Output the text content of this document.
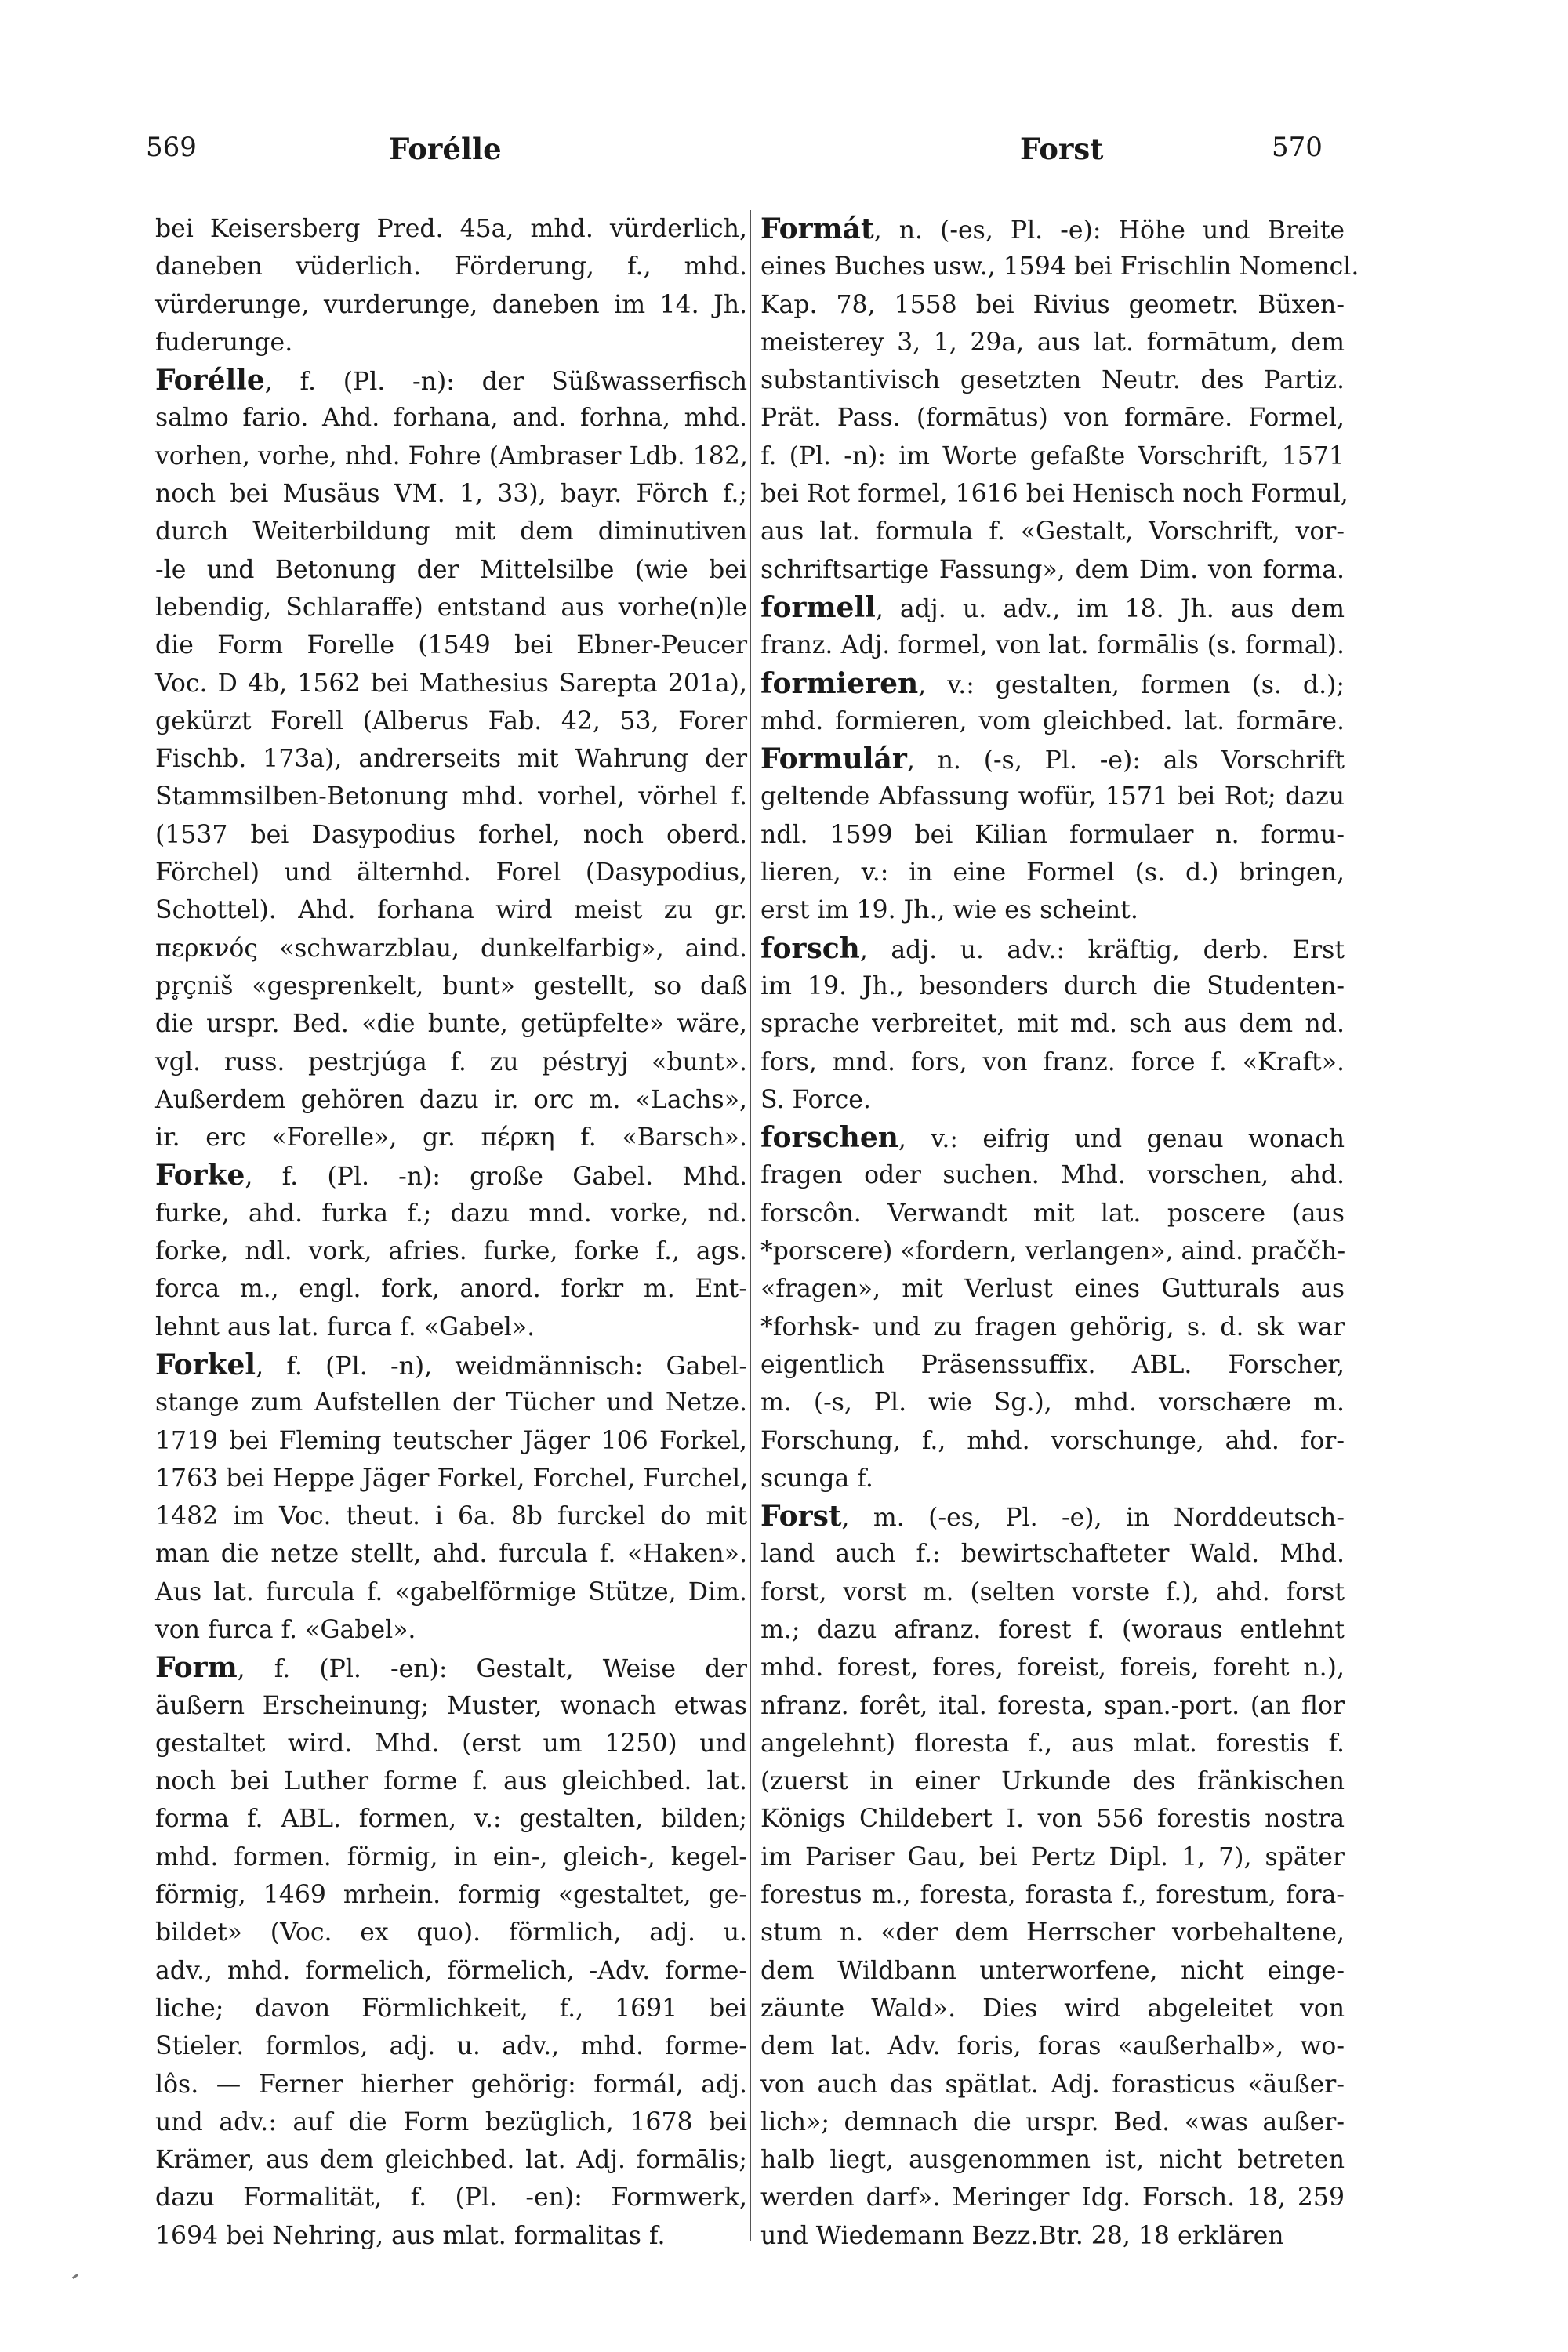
569	Forélle	Forst	570
bei Keisersberg Pred. 45a, mhd. vürderlich,
daneben vüderlich. Förderung, f., mhd.
vürderunge, vurderunge, daneben im 14. Jh.
fuderunge.
Forélle, f. (Pl. -n): der Süßwasserfisch
salmo fario. Ahd. forhana, and. forhna, mhd.
vorhen, vorhe, nhd. Fohre (Ambraser Ldb. 182,
noch bei Musäus VM. 1, 33), bayr. Förch f.;
durch Weiterbildung mit dem diminutiven
-le und Betonung der Mittelsilbe (wie bei
lebendig, Schlaraffe) entstand aus vorhe(n)le
die Form Forelle (1549 bei Ebner-Peucer
Voc. D 4b, 1562 bei Mathesius Sarepta 201a),
gekürzt Forell (Alberus Fab. 42, 53, Forer
Fischb. 173a), andrerseits mit Wahrung der
Stammsilben-Betonung mhd. vorhel, vörhel f.
(1537 bei Dasypodius forhel, noch oberd.
Förchel) und älternhd. Forel (Dasypodius,
Schottel). Ahd. forhana wird meist zu gr.
περκνός «schwarzblau, dunkelfarbig», aind.
pr̥çniš «gesprenkelt, bunt» gestellt, so daß
die urspr. Bed. «die bunte, getüpfelte» wäre,
vgl. russ. pestrjúga f. zu péstryj «bunt».
Außerdem gehören dazu ir. orc m. «Lachs»,
ir. erc «Forelle», gr. πέρκη f. «Barsch».
Forke, f. (Pl. -n): große Gabel. Mhd.
furke, ahd. furka f.; dazu mnd. vorke, nd.
forke, ndl. vork, afries. furke, forke f., ags.
forca m., engl. fork, anord. forkr m. Ent-
lehnt aus lat. furca f. «Gabel».
Forkel, f. (Pl. -n), weidmännisch: Gabel-
stange zum Aufstellen der Tücher und Netze.
1719 bei Fleming teutscher Jäger 106 Forkel,
1763 bei Heppe Jäger Forkel, Forchel, Furchel,
1482 im Voc. theut. i 6a. 8b furckel do mit
man die netze stellt, ahd. furcula f. «Haken».
Aus lat. furcula f. «gabelförmige Stütze, Dim.
von furca f. «Gabel».
Form, f. (Pl. -en): Gestalt, Weise der
äußern Erscheinung; Muster, wonach etwas
gestaltet wird. Mhd. (erst um 1250) und
noch bei Luther forme f. aus gleichbed. lat.
forma f. ABL. formen, v.: gestalten, bilden;
mhd. formen. förmig, in ein-, gleich-, kegel-
förmig, 1469 mrhein. formig «gestaltet, ge-
bildet» (Voc. ex quo). förmlich, adj. u.
adv., mhd. formelich, förmelich, -Adv. forme-
liche; davon Förmlichkeit, f., 1691 bei
Stieler. formlos, adj. u. adv., mhd. forme-
lôs. — Ferner hierher gehörig: formál, adj.
und adv.: auf die Form bezüglich, 1678 bei
Krämer, aus dem gleichbed. lat. Adj. formālis;
dazu Formalität, f. (Pl. -en): Formwerk,
1694 bei Nehring, aus mlat. formalitas f.
Formát, n. (-es, Pl. -e): Höhe und Breite
eines Buches usw., 1594 bei Frischlin Nomencl.
Kap. 78, 1558 bei Rivius geometr. Büxen-
meisterey 3, 1, 29a, aus lat. formātum, dem
substantivisch gesetzten Neutr. des Partiz.
Prät. Pass. (formātus) von formāre. Formel,
f. (Pl. -n): im Worte gefaßte Vorschrift, 1571
bei Rot formel, 1616 bei Henisch noch Formul,
aus lat. formula f. «Gestalt, Vorschrift, vor-
schriftsartige Fassung», dem Dim. von forma.
formell, adj. u. adv., im 18. Jh. aus dem
franz. Adj. formel, von lat. formālis (s. formal).
formieren, v.: gestalten, formen (s. d.);
mhd. formieren, vom gleichbed. lat. formāre.
Formulár, n. (-s, Pl. -e): als Vorschrift
geltende Abfassung wofür, 1571 bei Rot; dazu
ndl. 1599 bei Kilian formulaer n. formu-
lieren, v.: in eine Formel (s. d.) bringen,
erst im 19. Jh., wie es scheint.
forsch, adj. u. adv.: kräftig, derb. Erst
im 19. Jh., besonders durch die Studenten-
sprache verbreitet, mit md. sch aus dem nd.
fors, mnd. fors, von franz. force f. «Kraft».
S. Force.
forschen, v.: eifrig und genau wonach
fragen oder suchen. Mhd. vorschen, ahd.
forscôn. Verwandt mit lat. poscere (aus
*porscere) «fordern, verlangen», aind. praččh-
«fragen», mit Verlust eines Gutturals aus
*forhsk- und zu fragen gehörig, s. d. sk war
eigentlich Präsenssuffix. ABL. Forscher,
m. (-s, Pl. wie Sg.), mhd. vorschære m.
Forschung, f., mhd. vorschunge, ahd. for-
scunga f.
Forst, m. (-es, Pl. -e), in Norddeutsch-
land auch f.: bewirtschafteter Wald. Mhd.
forst, vorst m. (selten vorste f.), ahd. forst
m.; dazu afranz. forest f. (woraus entlehnt
mhd. forest, fores, foreist, foreis, foreht n.),
nfranz. forêt, ital. foresta, span.-port. (an flor
angelehnt) floresta f., aus mlat. forestis f.
(zuerst in einer Urkunde des fränkischen
Königs Childebert I. von 556 forestis nostra
im Pariser Gau, bei Pertz Dipl. 1, 7), später
forestus m., foresta, forasta f., forestum, fora-
stum n. «der dem Herrscher vorbehaltene,
dem Wildbann unterworfene, nicht einge-
zäunte Wald». Dies wird abgeleitet von
dem lat. Adv. foris, foras «außerhalb», wo-
von auch das spätlat. Adj. forasticus «äußer-
lich»; demnach die urspr. Bed. «was außer-
halb liegt, ausgenommen ist, nicht betreten
werden darf». Meringer Idg. Forsch. 18, 259
und Wiedemann Bezz.Btr. 28, 18 erklären
